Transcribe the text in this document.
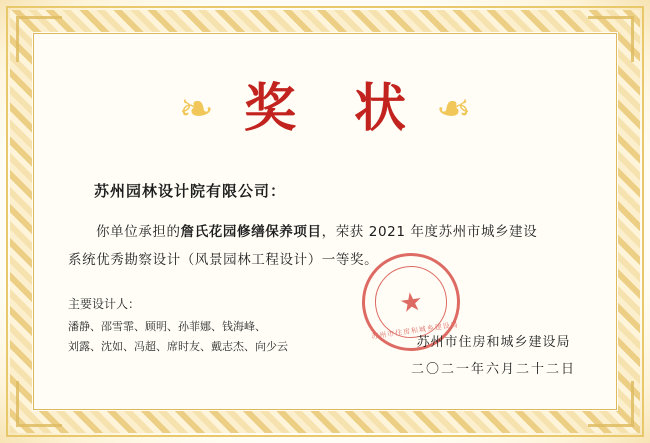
❧ 奖 状 ❧
苏州园林设计院有限公司：
你单位承担的詹氏花园修缮保养项目，荣获 2021 年度苏州市城乡建设
系统优秀勘察设计（风景园林工程设计）一等奖。
主要设计人：
潘静、邵雪霏、顾明、孙菲娜、钱海峰、
刘露、沈如、冯超、席时友、戴志杰、向少云
★
苏州市住房和城乡建设局
苏州市住房和城乡建设局
二〇二一年六月二十二日
